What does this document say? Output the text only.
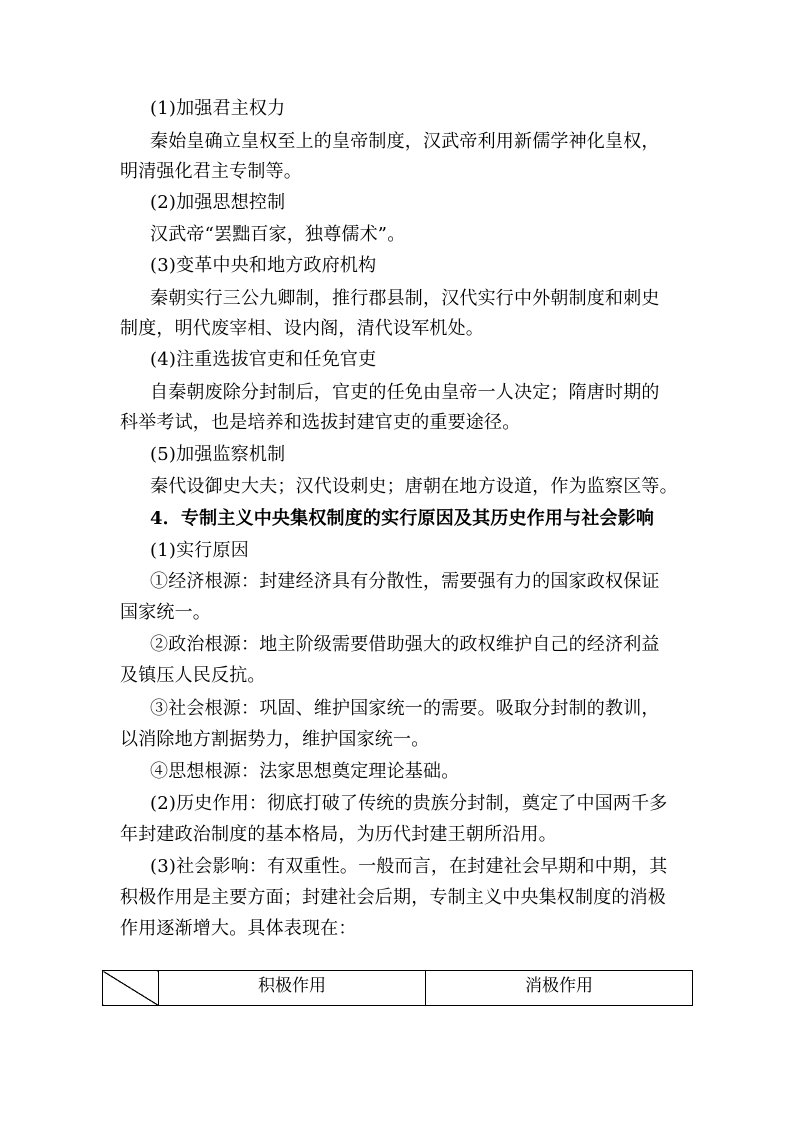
(1)加强君主权力
秦始皇确立皇权至上的皇帝制度，汉武帝利用新儒学神化皇权，
明清强化君主专制等。
(2)加强思想控制
汉武帝“罢黜百家，独尊儒术”。
(3)变革中央和地方政府机构
秦朝实行三公九卿制，推行郡县制，汉代实行中外朝制度和刺史
制度，明代废宰相、设内阁，清代设军机处。
(4)注重选拔官吏和任免官吏
自秦朝废除分封制后，官吏的任免由皇帝一人决定；隋唐时期的
科举考试，也是培养和选拔封建官吏的重要途径。
(5)加强监察机制
秦代设御史大夫；汉代设刺史；唐朝在地方设道，作为监察区等。
4．专制主义中央集权制度的实行原因及其历史作用与社会影响
(1)实行原因
①经济根源：封建经济具有分散性，需要强有力的国家政权保证
国家统一。
②政治根源：地主阶级需要借助强大的政权维护自己的经济利益
及镇压人民反抗。
③社会根源：巩固、维护国家统一的需要。吸取分封制的教训，
以消除地方割据势力，维护国家统一。
④思想根源：法家思想奠定理论基础。
(2)历史作用：彻底打破了传统的贵族分封制，奠定了中国两千多
年封建政治制度的基本格局，为历代封建王朝所沿用。
(3)社会影响：有双重性。一般而言，在封建社会早期和中期，其
积极作用是主要方面；封建社会后期，专制主义中央集权制度的消极
作用逐渐增大。具体表现在：
	积极作用	消极作用
